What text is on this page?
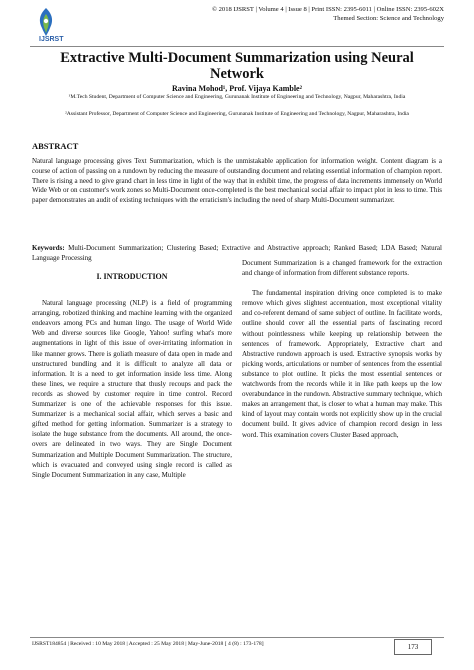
IJSRST
© 2018 IJSRST | Volume 4 | Issue 8 | Print ISSN: 2395-6011 | Online ISSN: 2395-602X
Themed Section: Science and Technology
Extractive Multi-Document Summarization using Neural Network
Ravina Mohod¹, Prof. Vijaya Kamble²
¹M.Tech Student, Department of Computer Science and Engineering, Gurunanak Institute of Engineering and Technology, Nagpur, Maharashtra, India
²Assistant Professor, Department of Computer Science and Engineering, Gurunanak Institute of Engineering and Technology, Nagpur, Maharashtra, India
ABSTRACT
Natural language processing gives Text Summarization, which is the unmistakable application for information weight. Content diagram is a course of action of passing on a rundown by reducing the measure of outstanding document and relating essential information of champion report. There is rising a need to give grand chart in less time in light of the way that in exhibit time, the progress of data increments immensely on World Wide Web or on customer's work zones so Multi-Document once-completed is the best mechanical social affair to impact plot in less to time. This paper demonstrates an audit of existing techniques with the erraticism's including the need of sharp Multi-Document summarizer.
Keywords: Multi-Document Summarization; Clustering Based; Extractive and Abstractive approach; Ranked Based; LDA Based; Natural Language Processing
I. INTRODUCTION

Natural language processing (NLP) is a field of programming arranging, robotized thinking and machine learning with the organized endeavors among PCs and human lingo. The usage of World Wide Web and diverse sources like Google, Yahoo! surfing what's more augmentations in light of this issue of over-irritating information in like manner grows. There is goliath measure of data open in made and unstructured bundling and it is difficult to analyze all data or information. It is a need to get information inside less time. Along these lines, we require a structure that thusly recoups and pack the records as showed by customer require in time control. Record Summarizer is one of the achievable responses for this issue. Summarizer is a mechanical social affair, which serves a basic and gifted method for getting information. Summarizer is a strategy to isolate the huge substance from the documents. All around, the once-overs are delineated in two ways. They are Single Document Summarization and Multiple Document Summarization. The structure, which is evacuated and conveyed using single record is called as Single Document Summarization in any case, Multiple

Document Summarization is a changed framework for the extraction and change of information from different substance reports.

The fundamental inspiration driving once completed is to make remove which gives slightest accentuation, most exceptional vitality and co-referent demand of same subject of outline. In facilitate words, outline should cover all the essential parts of fascinating record without pointlessness while keeping up relationship between the sentences of framework. Appropriately, Extractive chart and Abstractive rundown approach is used. Extractive synopsis works by picking words, articulations or number of sentences from the essential substance to plot outline. It picks the most essential sentences or watchwords from the records while it in like path keeps up the low overabundance in the rundown. Abstractive summary technique, which makes an arrangement that, is closer to what a human may make. This kind of layout may contain words not explicitly show up in the crucial document build. It gives advice of champion record design in less word. This examination covers Cluster Based approach,

IJSRST184854 | Received : 10 May 2018 | Accepted : 25 May 2018 | May-June-2018 [ 4 (8) : 173-178]	173
